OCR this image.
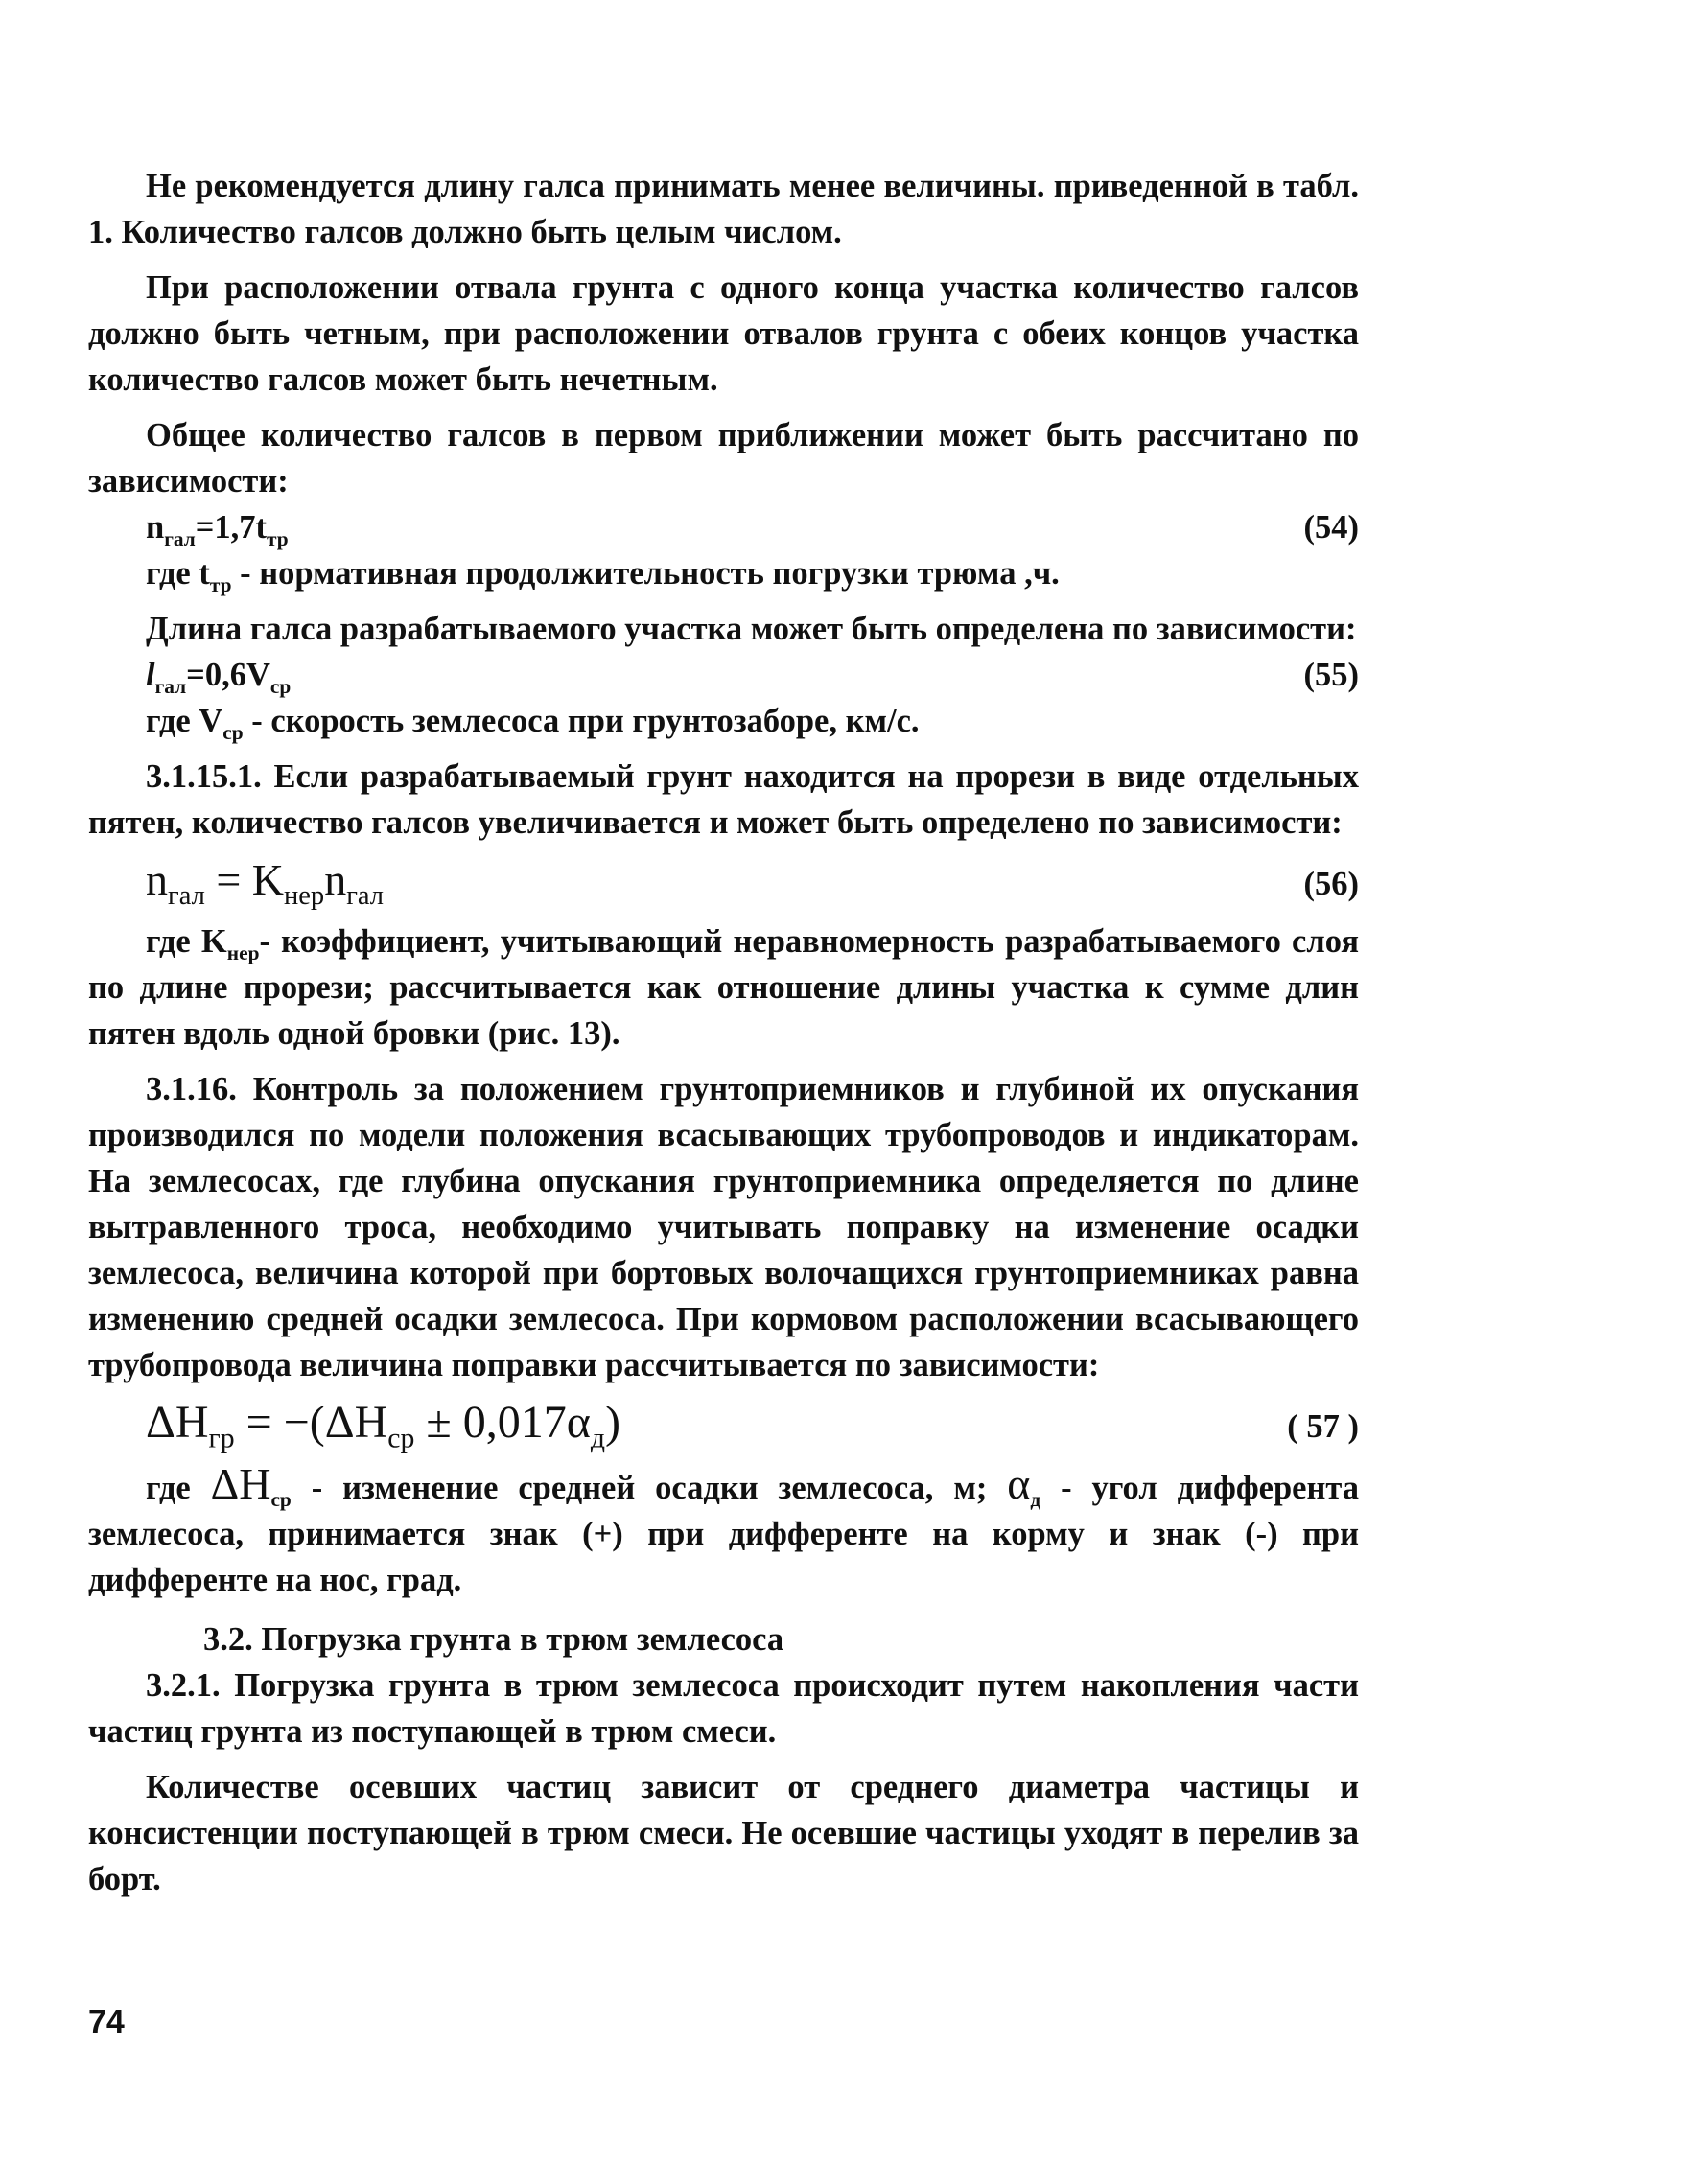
Не рекомендуется длину галса принимать менее величины. приведенной в табл. 1. Количество галсов должно быть целым числом.

При расположении отвала грунта с одного конца участка количество галсов должно быть четным, при расположении отвалов грунта с обеих концов участка количество галсов может быть нечетным.

Общее количество галсов в первом приближении может быть рассчитано по зависимости:

$n_{гал}=1,7t_{тр}$	(54)

где $t_{тр}$ - нормативная продолжительность погрузки трюма ,ч.

Длина галса разрабатываемого участка может быть определена по зависимости:

$l_{гал}=0,6V_{ср}$	(55)

где $V_{ср}$ - скорость землесоса при грунтозаборе, км/с.

3.1.15.1. Если разрабатываемый грунт находится на прорези в виде отдельных пятен, количество галсов увеличивается и может быть определено по зависимости:

$n_{гал} = K_{нер}n_{гал}$	(56)

где $K_{нер}-$ коэффициент, учитывающий неравномерность разрабатываемого слоя по длине прорези; рассчитывается как отношение длины участка к сумме длин пятен вдоль одной бровки (рис. 13).

3.1.16. Контроль за положением грунтоприемников и глубиной их опускания производился по модели положения всасывающих трубопроводов и индикаторам. На землесосах, где глубина опускания грунтоприемника определяется по длине вытравленного троса, необходимо учитывать поправку на изменение осадки землесоса, величина которой при бортовых волочащихся грунтоприемниках равна изменению средней осадки землесоса. При кормовом расположении всасывающего трубопровода величина поправки рассчитывается по зависимости:

$\Delta H_{гр} = -(\Delta H_{ср} \pm 0,017\alpha_д)$	( 57 )

где $\Delta H_{ср}$ - изменение средней осадки землесоса, м; $\alpha_д$ - угол дифферента землесоса, принимается знак (+) при дифференте на корму и знак (-) при дифференте на нос, град.

3.2. Погрузка грунта в трюм землесоса

3.2.1. Погрузка грунта в трюм землесоса происходит путем накопления части частиц грунта из поступающей в трюм смеси.

Количестве осевших частиц зависит от среднего диаметра частицы и консистенции поступающей в трюм смеси. Не осевшие частицы уходят в перелив за борт.

74
